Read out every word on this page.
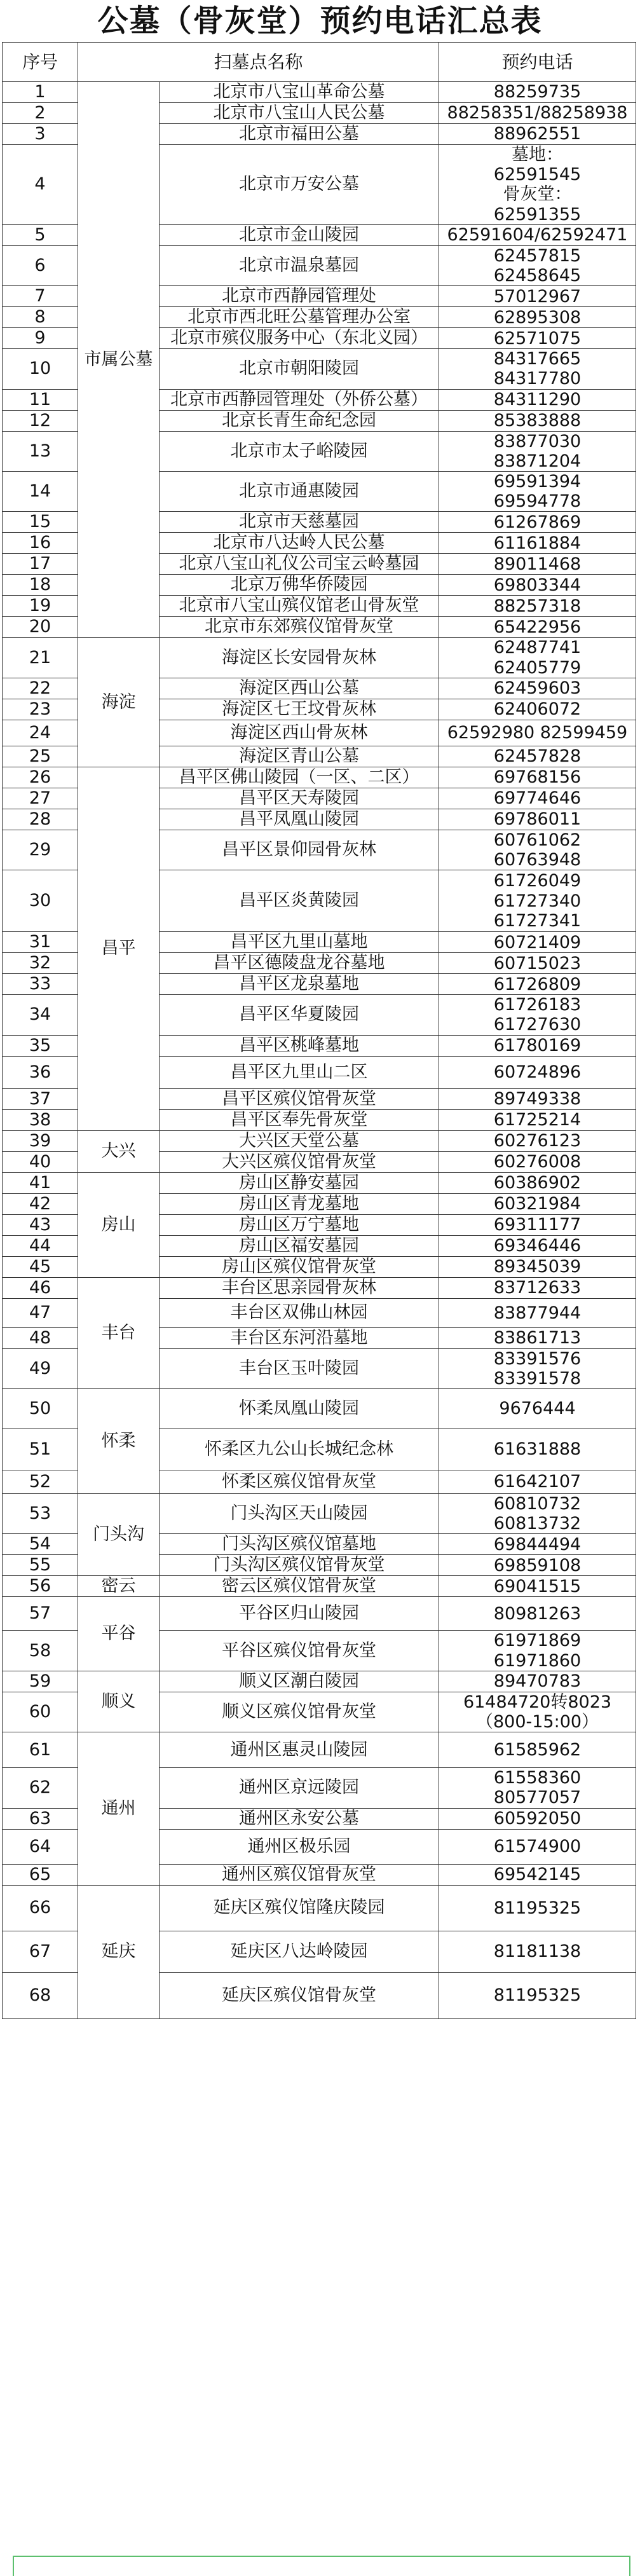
公墓（骨灰堂）预约电话汇总表
序号	扫墓点名称		预约电话
1	市属公墓	北京市八宝山革命公墓	88259735

2		北京市八宝山人民公墓	88258351/88258938

3		北京市福田公墓	88962551

4		北京市万安公墓	墓地：
62591545
骨灰堂：
62591355

5		北京市金山陵园	62591604/62592471

6		北京市温泉墓园	62457815
62458645

7		北京市西静园管理处	57012967

8		北京市西北旺公墓管理办公室	62895308

9		北京市殡仪服务中心（东北义园）	62571075

10		北京市朝阳陵园	84317665
84317780

11		北京市西静园管理处（外侨公墓）	84311290

12		北京长青生命纪念园	85383888

13		北京市太子峪陵园	83877030
83871204

14		北京市通惠陵园	69591394
69594778

15		北京市天慈墓园	61267869

16		北京市八达岭人民公墓	61161884

17		北京八宝山礼仪公司宝云岭墓园	89011468

18		北京万佛华侨陵园	69803344

19		北京市八宝山殡仪馆老山骨灰堂	88257318

20		北京市东郊殡仪馆骨灰堂	65422956

21	海淀	海淀区长安园骨灰林	62487741
62405779

22		海淀区西山公墓	62459603

23		海淀区七王坟骨灰林	62406072

24		海淀区西山骨灰林	62592980 82599459

25		海淀区青山公墓	62457828

26	昌平	昌平区佛山陵园（一区、二区）	69768156

27		昌平区天寿陵园	69774646

28		昌平凤凰山陵园	69786011

29		昌平区景仰园骨灰林	60761062
60763948

30		昌平区炎黄陵园	61726049
61727340
61727341

31		昌平区九里山墓地	60721409

32		昌平区德陵盘龙谷墓地	60715023

33		昌平区龙泉墓地	61726809

34		昌平区华夏陵园	61726183
61727630

35		昌平区桃峰墓地	61780169

36		昌平区九里山二区	60724896

37		昌平区殡仪馆骨灰堂	89749338

38		昌平区奉先骨灰堂	61725214

39	大兴	大兴区天堂公墓	60276123

40		大兴区殡仪馆骨灰堂	60276008

41	房山	房山区静安墓园	60386902

42		房山区青龙墓地	60321984

43		房山区万宁墓地	69311177

44		房山区福安墓园	69346446

45		房山区殡仪馆骨灰堂	89345039

46	丰台	丰台区思亲园骨灰林	83712633

47		丰台区双佛山林园	83877944

48		丰台区东河沿墓地	83861713

49		丰台区玉叶陵园	83391576
83391578

50	怀柔	怀柔凤凰山陵园	9676444

51		怀柔区九公山长城纪念林	61631888

52		怀柔区殡仪馆骨灰堂	61642107

53	门头沟	门头沟区天山陵园	60810732
60813732

54		门头沟区殡仪馆墓地	69844494

55		门头沟区殡仪馆骨灰堂	69859108

56	密云	密云区殡仪馆骨灰堂	69041515

57	平谷	平谷区归山陵园	80981263

58		平谷区殡仪馆骨灰堂	61971869
61971860

59	顺义	顺义区潮白陵园	89470783

60		顺义区殡仪馆骨灰堂	61484720转8023
（800-15:00）

61	通州	通州区惠灵山陵园	61585962

62		通州区京远陵园	61558360
80577057

63		通州区永安公墓	60592050

64		通州区极乐园	61574900

65		通州区殡仪馆骨灰堂	69542145

66	延庆	延庆区殡仪馆隆庆陵园	81195325

67		延庆区八达岭陵园	81181138

68		延庆区殡仪馆骨灰堂	81195325
